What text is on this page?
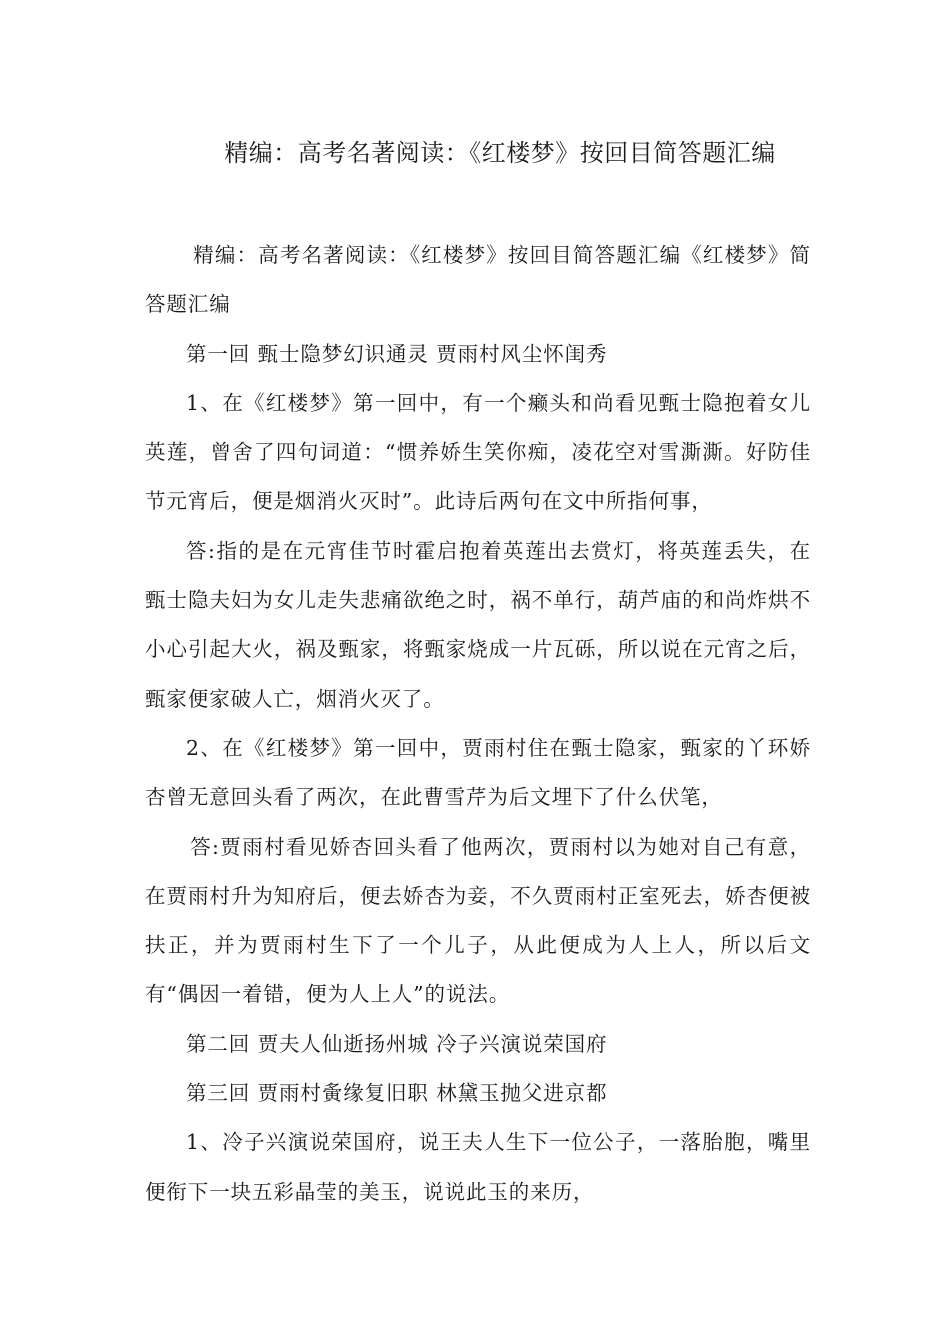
精编：高考名著阅读：《红楼梦》按回目简答题汇编

精编：高考名著阅读：《红楼梦》按回目简答题汇编《红楼梦》简答题汇编

第一回 甄士隐梦幻识通灵 贾雨村风尘怀闺秀

1、在《红楼梦》第一回中，有一个癞头和尚看见甄士隐抱着女儿英莲，曾舍了四句词道：“惯养娇生笑你痴，凌花空对雪澌澌。好防佳节元宵后，便是烟消火灭时”。此诗后两句在文中所指何事，

答:指的是在元宵佳节时霍启抱着英莲出去赏灯，将英莲丢失，在甄士隐夫妇为女儿走失悲痛欲绝之时，祸不单行，葫芦庙的和尚炸烘不小心引起大火，祸及甄家，将甄家烧成一片瓦砾，所以说在元宵之后，甄家便家破人亡，烟消火灭了。

2、在《红楼梦》第一回中，贾雨村住在甄士隐家，甄家的丫环娇杏曾无意回头看了两次，在此曹雪芹为后文埋下了什么伏笔，

答:贾雨村看见娇杏回头看了他两次，贾雨村以为她对自己有意，在贾雨村升为知府后，便去娇杏为妾，不久贾雨村正室死去，娇杏便被扶正，并为贾雨村生下了一个儿子，从此便成为人上人，所以后文有“偶因一着错，便为人上人”的说法。

第二回 贾夫人仙逝扬州城 冷子兴演说荣国府

第三回 贾雨村夤缘复旧职 林黛玉抛父进京都

1、冷子兴演说荣国府，说王夫人生下一位公子，一落胎胞，嘴里便衔下一块五彩晶莹的美玉，说说此玉的来历，
